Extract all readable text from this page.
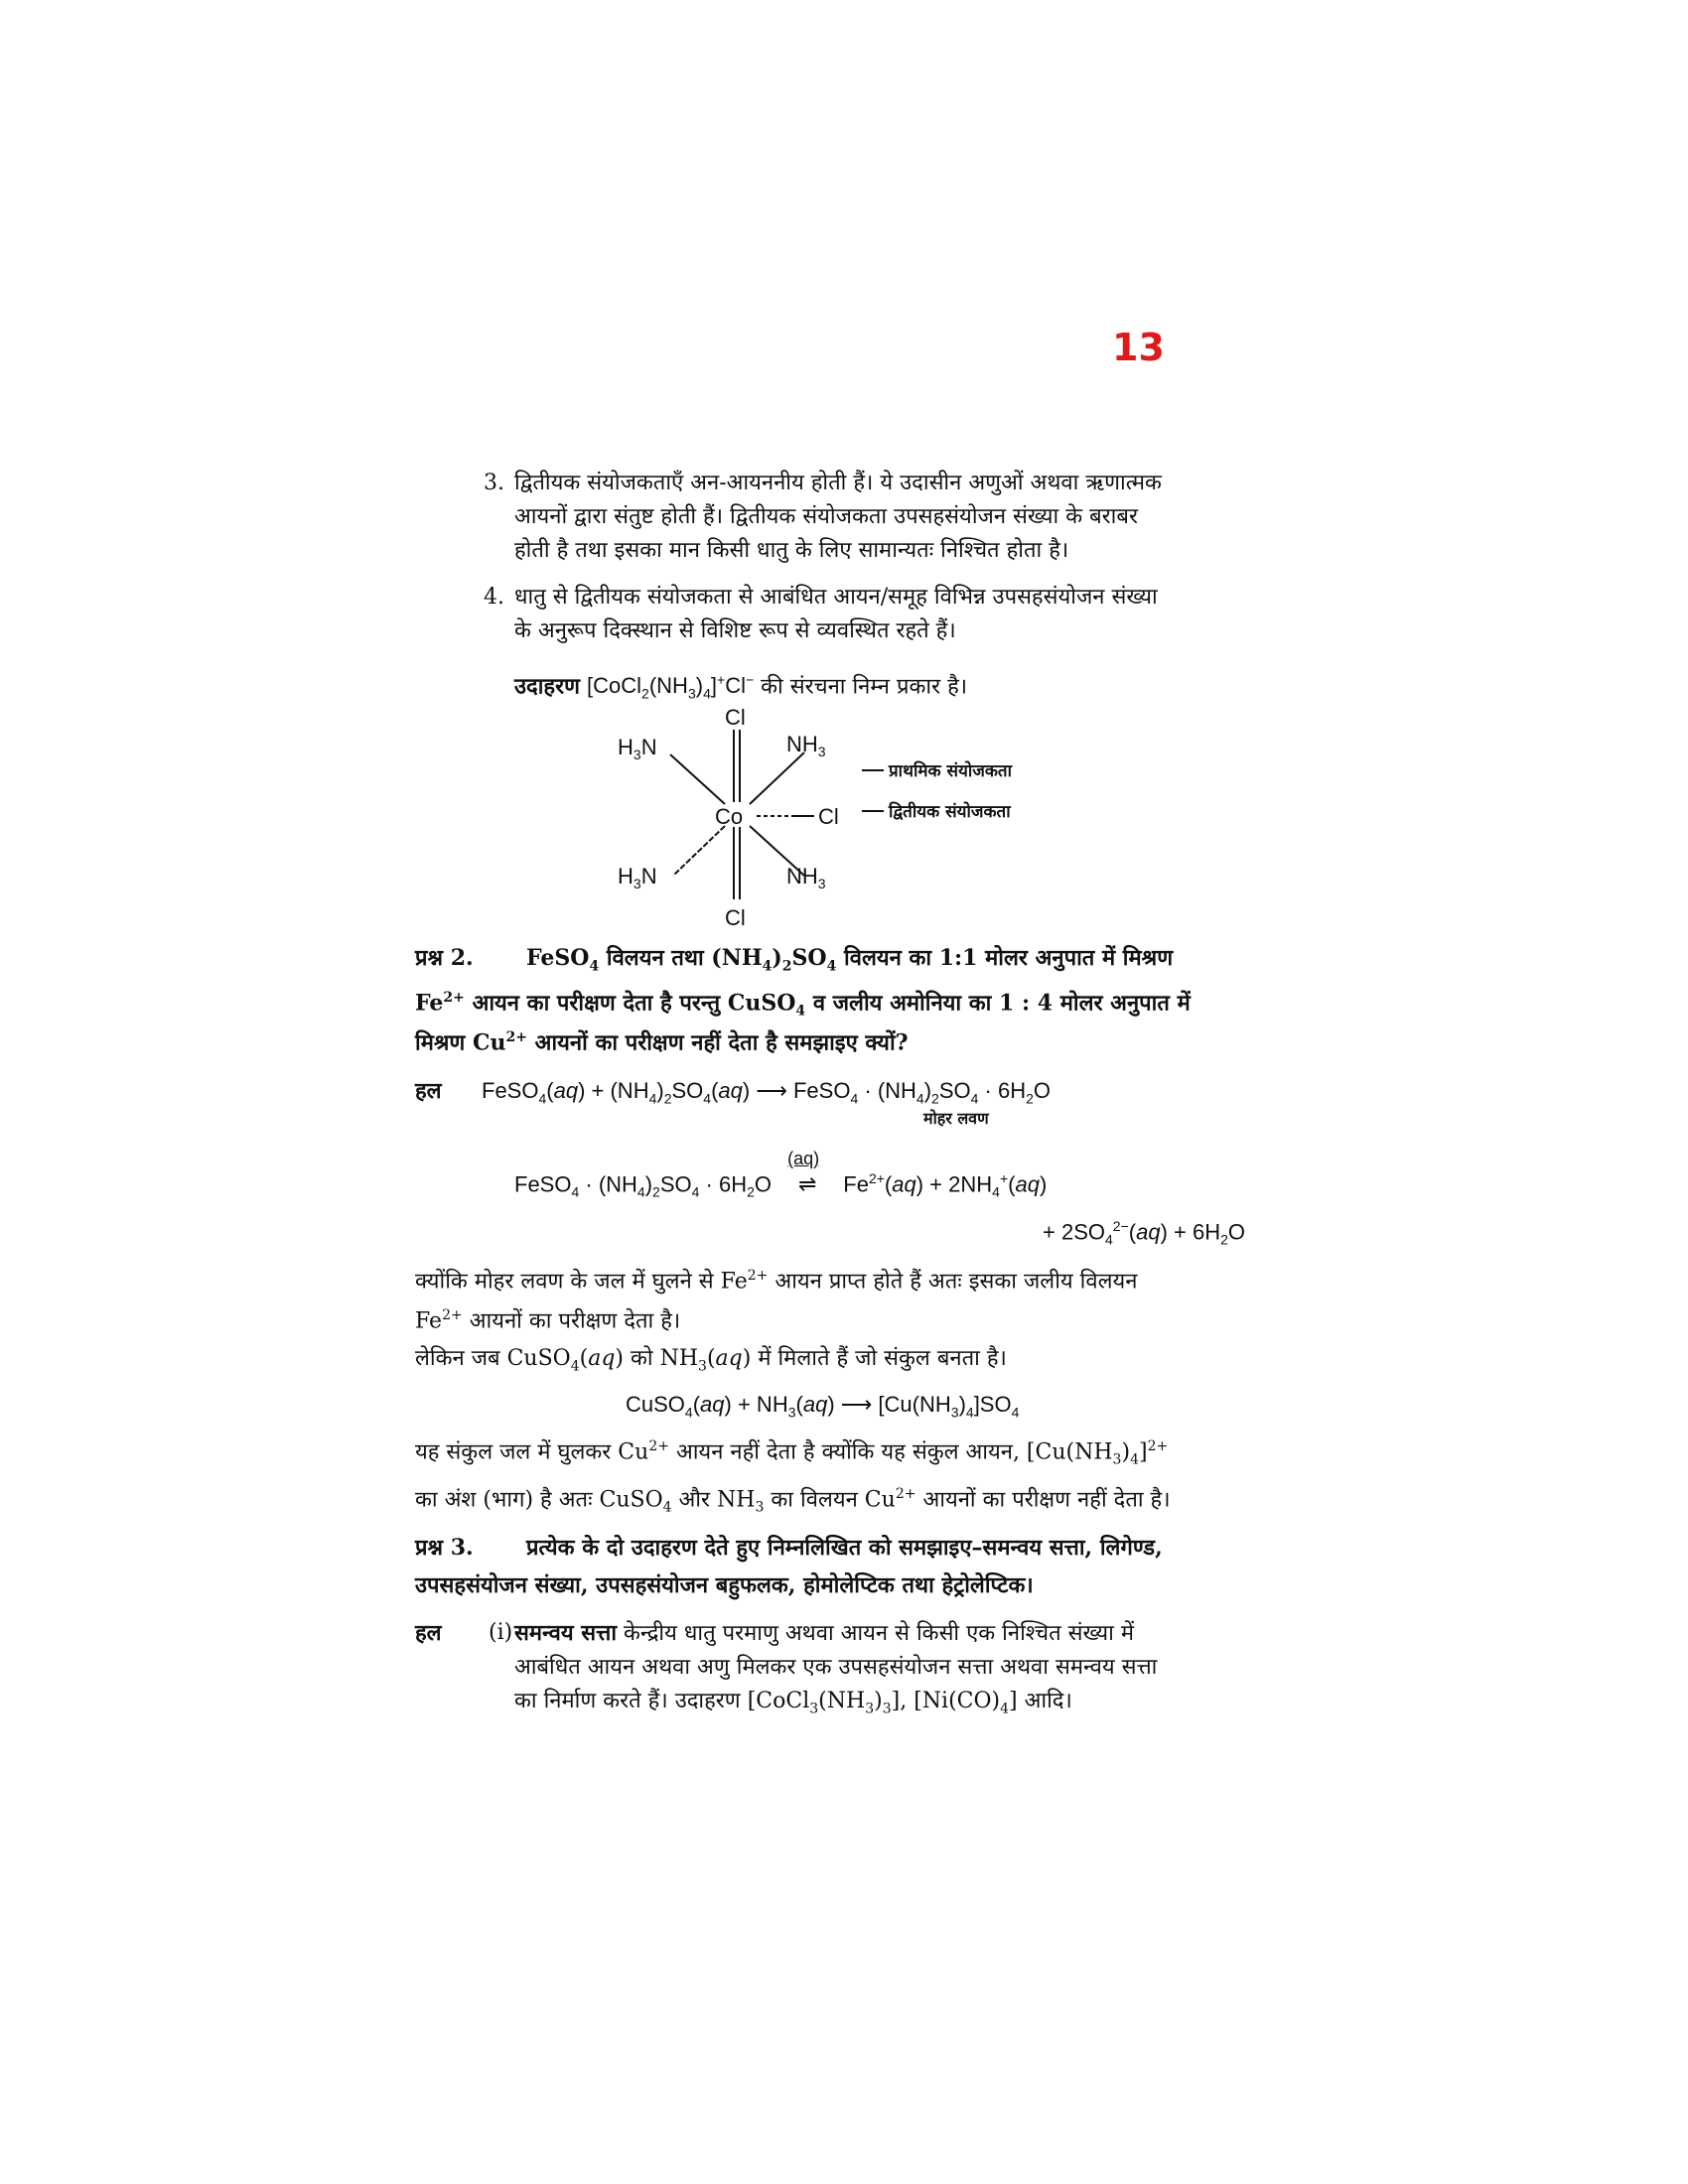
13
3. द्वितीयक संयोजकताएँ अन-आयननीय होती हैं। ये उदासीन अणुओं अथवा ऋणात्मक
आयनों द्वारा संतुष्ट होती हैं। द्वितीयक संयोजकता उपसहसंयोजन संख्या के बराबर
होती है तथा इसका मान किसी धातु के लिए सामान्यतः निश्चित होता है।
4. धातु से द्वितीयक संयोजकता से आबंधित आयन/समूह विभिन्न उपसहसंयोजन संख्या
के अनुरूप दिक्स्थान से विशिष्ट रूप से व्यवस्थित रहते हैं।
उदाहरण $[CoCl_2(NH_3)_4]^+Cl^-$ की संरचना निम्न प्रकार है।
Cl
Cl
Co	Cl
$H_3N$	$NH_3$
$H_3N$	$NH_3$
प्राथमिक संयोजकता
द्वितीयक संयोजकता
प्रश्न 2. FeSO$_4$ विलयन तथा $(NH_4)_2SO_4$ विलयन का 1:1 मोलर अनुपात में मिश्रण
$Fe^{2+}$ आयन का परीक्षण देता है परन्तु CuSO$_4$ व जलीय अमोनिया का 1 : 4 मोलर अनुपात में
मिश्रण $Cu^{2+}$ आयनों का परीक्षण नहीं देता है समझाइए क्यों?
हल FeSO$_4$(aq) + $(NH_4)_2SO_4(aq)$ ⟶ FeSO$_4$ · $(NH_4)_2SO_4 \cdot 6H_2O$
मोहर लवण
FeSO$_4$ · $(NH_4)_2SO_4 \cdot 6H_2O$
(aq)
⇌ $Fe^{2+}(aq) + 2NH_4^+(aq)$
+ $2SO_4^{2-}(aq) + 6H_2O$
क्योंकि मोहर लवण के जल में घुलने से $Fe^{2+}$ आयन प्राप्त होते हैं अतः इसका जलीय विलयन
$Fe^{2+}$ आयनों का परीक्षण देता है।
लेकिन जब CuSO$_4$(aq) को $NH_3(aq)$ में मिलाते हैं जो संकुल बनता है।
CuSO$_4$(aq) + $NH_3(aq)$ ⟶ $[Cu(NH_3)_4]SO_4$
यह संकुल जल में घुलकर $Cu^{2+}$ आयन नहीं देता है क्योंकि यह संकुल आयन, $[Cu(NH_3)_4]^{2+}$
का अंश (भाग) है अतः CuSO$_4$ और $NH_3$ का विलयन $Cu^{2+}$ आयनों का परीक्षण नहीं देता है।
प्रश्न 3. प्रत्येक के दो उदाहरण देते हुए निम्नलिखित को समझाइए–समन्वय सत्ता, लिगेण्ड,
उपसहसंयोजन संख्या, उपसहसंयोजन बहुफलक, होमोलेप्टिक तथा हेट्रोलेप्टिक।
हल (i) समन्वय सत्ता केन्द्रीय धातु परमाणु अथवा आयन से किसी एक निश्चित संख्या में
आबंधित आयन अथवा अणु मिलकर एक उपसहसंयोजन सत्ता अथवा समन्वय सत्ता
का निर्माण करते हैं। उदाहरण $[CoCl_3(NH_3)_3]$, $[Ni(CO)_4]$ आदि।
